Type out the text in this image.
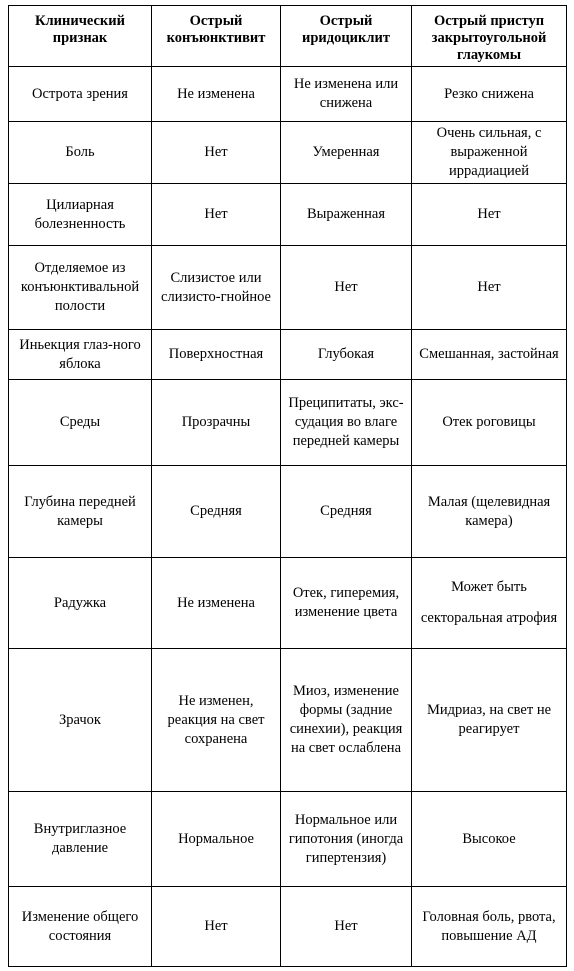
Клинический признак	Острый конъюнктивит	Острый иридоциклит	Острый приступ закрытоугольной глаукомы
Острота зрения	Не изменена	Не изменена или снижена	Резко снижена
Боль	Нет	Умеренная	Очень сильная, с выраженной иррадиацией
Цилиарная болезненность	Нет	Выраженная	Нет
Отделяемое из конъюнктивальной полости	Слизистое или слизисто-гнойное	Нет	Нет
Иньекция глаз-ного яблока	Поверхностная	Глубокая	Смешанная, застойная
Среды	Прозрачны	Преципитаты, экс-судация во влаге передней камеры	Отек роговицы
Глубина передней камеры	Средняя	Средняя	Малая (щелевидная камера)
Радужка	Не изменена	Отек, гиперемия, изменение цвета	Может быть секторальная атрофия
Зрачок	Не изменен, реакция на свет сохранена	Миоз, изменение формы (задние синехии), реакция на свет ослаблена	Мидриаз, на свет не реагирует
Внутриглазное давление	Нормальное	Нормальное или гипотония (иногда гипертензия)	Высокое
Изменение общего состояния	Нет	Нет	Головная боль, рвота, повышение АД
